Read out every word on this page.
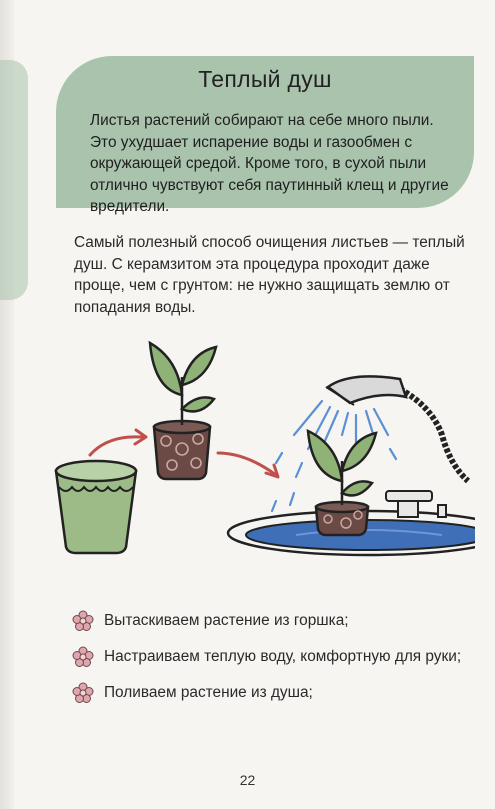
Теплый душ
Листья растений собирают на себе много пыли. Это ухудшает испарение воды и газообмен с окружающей средой. Кроме того, в сухой пыли отлично чувствуют себя паутинный клещ и другие вредители.
Самый полезный способ очищения листьев — теплый душ. С керамзитом эта процедура проходит даже проще, чем с грунтом: не нужно защищать землю от попадания воды.
Вытаскиваем растение из горшка;
Настраиваем теплую воду, комфортную для руки;
Поливаем растение из душа;
22
